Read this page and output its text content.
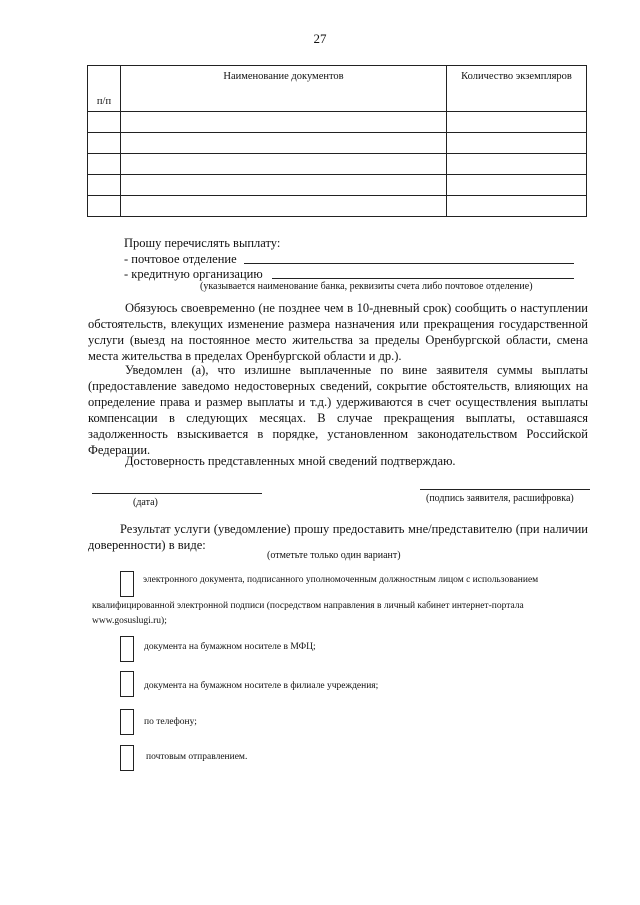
27
п/п	Наименование документов	Количество экземпляров

Прошу перечислять выплату:
- почтовое отделение
- кредитную организацию
(указывается наименование банка, реквизиты счета либо почтовое отделение)
Обязуюсь своевременно (не позднее чем в 10-дневный срок) сообщить о наступлении обстоятельств, влекущих изменение размера назначения или прекращения государственной услуги (выезд на постоянное место жительства за пределы Оренбургской области, смена места жительства в пределах Оренбургской области и др.).
Уведомлен (а), что излишне выплаченные по вине заявителя суммы выплаты (предоставление заведомо недостоверных сведений, сокрытие обстоятельств, влияющих на определение права и размер выплаты и т.д.) удерживаются в счет осуществления выплаты компенсации в следующих месяцах. В случае прекращения выплаты, оставшаяся задолженность взыскивается в порядке, установленном законодательством Российской Федерации.
Достоверность представленных мной сведений подтверждаю.
(дата)	(подпись заявителя, расшифровка)
Результат услуги (уведомление) прошу предоставить мне/представителю (при наличии доверенности) в виде:
(отметьте только один вариант)
электронного документа, подписанного уполномоченным должностным лицом с использованием
квалифицированной электронной подписи (посредством направления в личный кабинет интернет-портала www.gosuslugi.ru);
документа на бумажном носителе в МФЦ;
документа на бумажном носителе в филиале учреждения;
по телефону;
почтовым отправлением.
